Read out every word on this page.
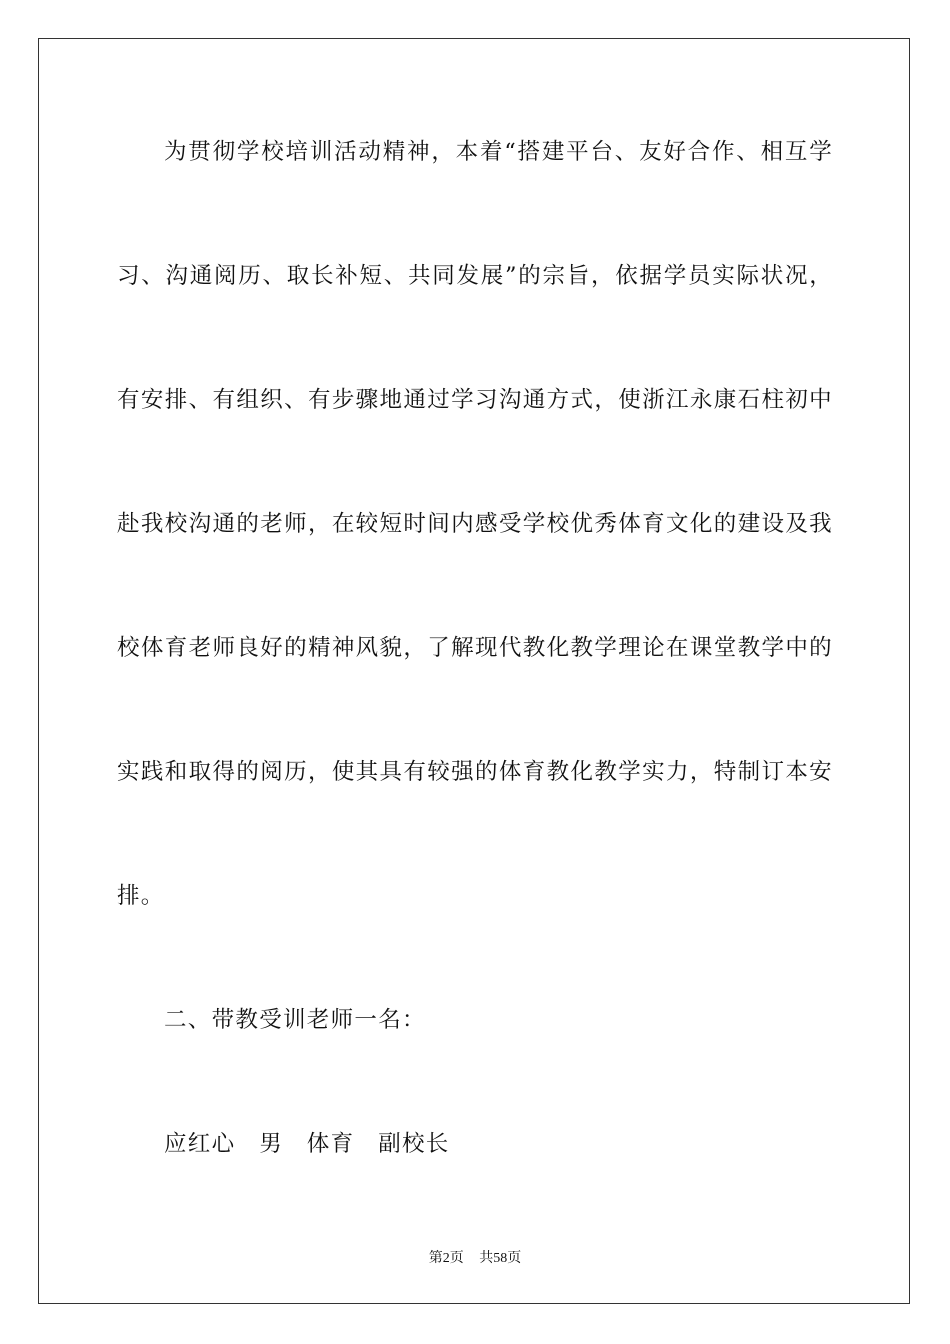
为贯彻学校培训活动精神，本着“搭建平台、友好合作、相互学习、沟通阅历、取长补短、共同发展”的宗旨，依据学员实际状况，有安排、有组织、有步骤地通过学习沟通方式，使浙江永康石柱初中赴我校沟通的老师，在较短时间内感受学校优秀体育文化的建设及我校体育老师良好的精神风貌，了解现代教化教学理论在课堂教学中的实践和取得的阅历，使其具有较强的体育教化教学实力，特制订本安排。

二、带教受训老师一名：

应红心　男　体育　副校长

第2页 共58页
